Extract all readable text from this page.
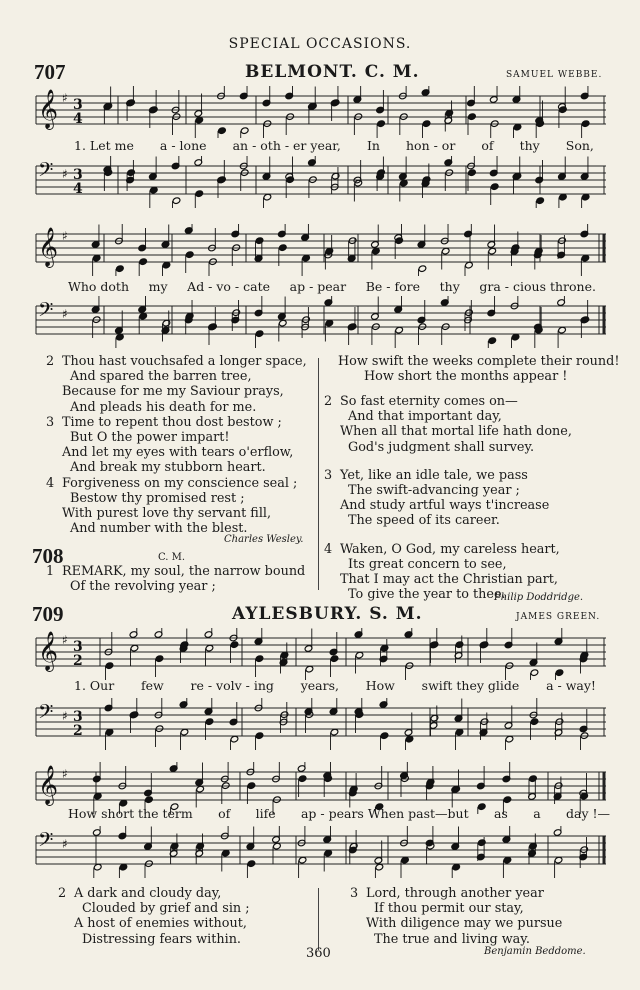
SPECIAL OCCASIONS.
707	BELMONT. C. M.	SAMUEL WEBBE.
𝄞 ♯ 3
4
1. Let me a - lone an - oth - er year, In hon - or of thy Son,
𝄢 ♯ 3
4
𝄞 ♯
Who doth my Ad - vo - cate ap - pear Be - fore thy gra - cious throne.
𝄢 ♯
2 Thou hast vouchsafed a longer space,
And spared the barren tree,
Because for me my Saviour prays,
And pleads his death for me.
3 Time to repent thou dost bestow ;
But O the power impart!
And let my eyes with tears o'erflow,
And break my stubborn heart.
4 Forgiveness on my conscience seal ;
Bestow thy promised rest ;
With purest love thy servant fill,
And number with the blest.
Charles Wesley.
708	C. M.
1 REMARK, my soul, the narrow bound
Of the revolving year ;
How swift the weeks complete their round!
How short the months appear !
2 So fast eternity comes on—
And that important day,
When all that mortal life hath done,
God's judgment shall survey.
3 Yet, like an idle tale, we pass
The swift-advancing year ;
And study artful ways t'increase
The speed of its career.
4 Waken, O God, my careless heart,
Its great concern to see,
That I may act the Christian part,
To give the year to thee.
Philip Doddridge.
709	AYLESBURY. S. M.	JAMES GREEN.
𝄞 ♯ 3
2
1. Our few re - volv - ing years, How swift they glide a - way!
𝄢 ♯ 3
2
𝄞 ♯
How short the term of life ap - pears When past—but as a day !—
𝄢 ♯
2 A dark and cloudy day,
Clouded by grief and sin ;
A host of enemies without,
Distressing fears within.
3 Lord, through another year
If thou permit our stay,
With diligence may we pursue
The true and living way.
Benjamin Beddome.
360
